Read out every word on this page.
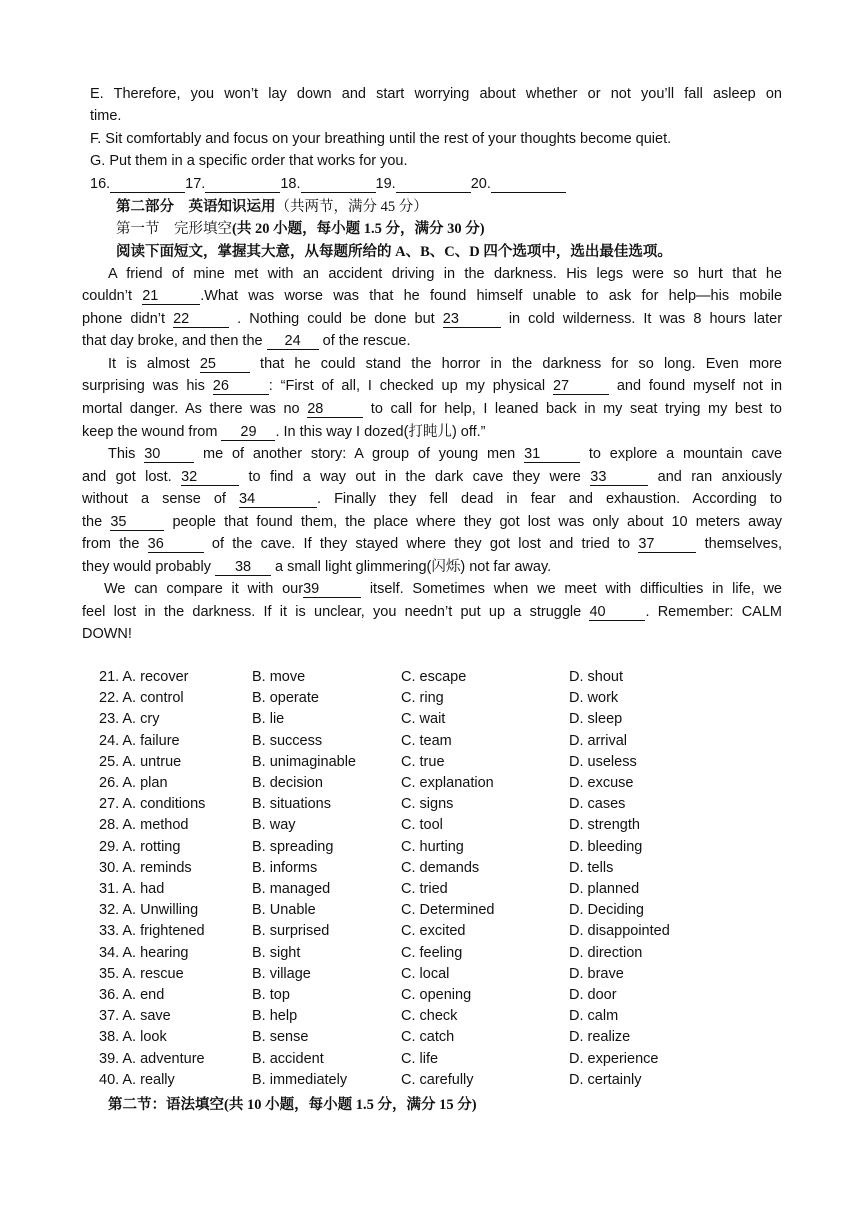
E. Therefore, you won’t lay down and start worrying about whether or not you’ll fall asleep on
time.
F. Sit comfortably and focus on your breathing until the rest of your thoughts become quiet.
G. Put them in a specific order that works for you.
16.	17.	18.	19.	20.
第二部分　英语知识运用（共两节，满分 45 分）
第一节　完形填空(共 20 小题，每小题 1.5 分，满分 30 分)
阅读下面短文，掌握其大意，从每题所给的 A、B、C、D 四个选项中，选出最佳选项。
A friend of mine met with an accident driving in the darkness. His legs were so hurt that he
couldn’t 21	.What was worse was that he found himself unable to ask for help—his mobile
phone didn’t 22	. Nothing could be done but 23	in cold wilderness. It was 8 hours later
that day broke, and then the 24 of the rescue.
It is almost 25	that he could stand the horror in the darkness for so long. Even more
surprising was his 26	: “First of all, I checked up my physical 27	and found myself not in
mortal danger. As there was no 28	to call for help, I leaned back in my seat trying my best to
keep the wound from 29 . In this way I dozed(打盹儿) off.”
This 30	me of another story: A group of young men 31	to explore a mountain cave
and got lost. 32	to find a way out in the dark cave they were 33	and ran anxiously
without a sense of 34	. Finally they fell dead in fear and exhaustion. According to
the 35	people that found them, the place where they got lost was only about 10 meters away
from the 36	of the cave. If they stayed where they got lost and tried to 37	themselves,
they would probably 38 a small light glimmering(闪烁) not far away.
We can compare it with our39	itself. Sometimes when we meet with difficulties in life, we
feel lost in the darkness. If it is unclear, you needn’t put up a struggle 40	. Remember: CALM
DOWN!
21. A. recover	B. move	C. escape	D. shout
22. A. control	B. operate	C. ring	D. work
23. A. cry	B. lie	C. wait	D. sleep
24. A. failure	B. success	C. team	D. arrival
25. A. untrue	B. unimaginable	C. true	D. useless
26. A. plan	B. decision	C. explanation	D. excuse
27. A. conditions	B. situations	C. signs	D. cases
28. A. method	B. way	C. tool	D. strength
29. A. rotting	B. spreading	C. hurting	D. bleeding
30. A. reminds	B. informs	C. demands	D. tells
31. A. had	B. managed	C. tried	D. planned
32. A. Unwilling	B. Unable	C. Determined	D. Deciding
33. A. frightened	B. surprised	C. excited	D. disappointed
34. A. hearing	B. sight	C. feeling	D. direction
35. A. rescue	B. village	C. local	D. brave
36. A. end	B. top	C. opening	D. door
37. A. save	B. help	C. check	D. calm
38. A. look	B. sense	C. catch	D. realize
39. A. adventure	B. accident	C. life	D. experience
40. A. really	B. immediately	C. carefully	D. certainly
第二节：语法填空(共 10 小题，每小题 1.5 分，满分 15 分)
